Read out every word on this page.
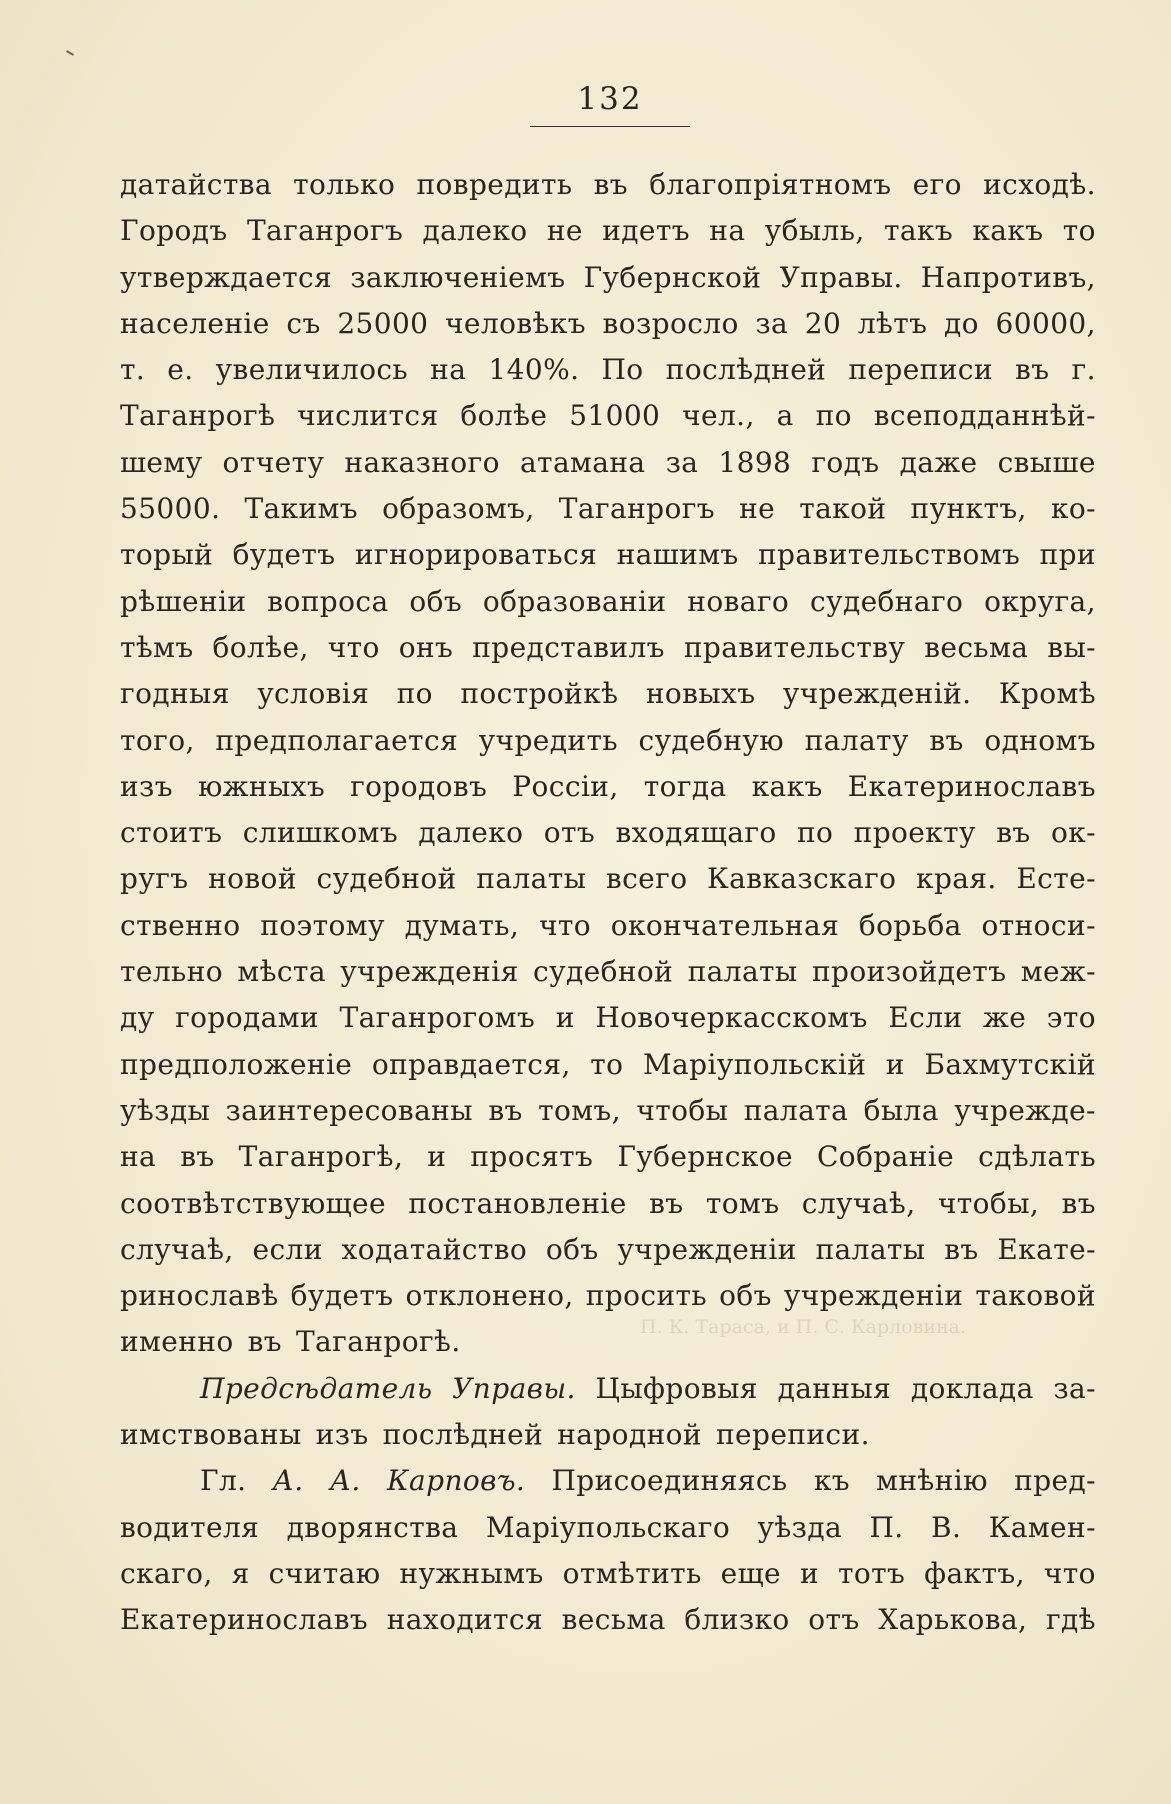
132
П. К. Тараса, и П. С. Карловина.
датайства только повредить въ благопріятномъ его исходѣ.
Городъ Таганрогъ далеко не идетъ на убыль, такъ какъ то
утверждается заключеніемъ Губернской Управы. Напротивъ,
населеніе съ 25000 человѣкъ возросло за 20 лѣтъ до 60000,
т. е. увеличилось на 140%. По послѣдней переписи въ г.
Таганрогѣ числится болѣе 51000 чел., а по всеподданнѣй-
шему отчету наказного атамана за 1898 годъ даже свыше
55000. Такимъ образомъ, Таганрогъ не такой пунктъ, ко-
торый будетъ игнорироваться нашимъ правительствомъ при
рѣшеніи вопроса объ образованіи новаго судебнаго округа,
тѣмъ болѣе, что онъ представилъ правительству весьма вы-
годныя условія по постройкѣ новыхъ учрежденій. Кромѣ
того, предполагается учредить судебную палату въ одномъ
изъ южныхъ городовъ Россіи, тогда какъ Екатеринославъ
стоитъ слишкомъ далеко отъ входящаго по проекту въ ок-
ругъ новой судебной палаты всего Кавказскаго края. Есте-
ственно поэтому думать, что окончательная борьба относи-
тельно мѣста учрежденія судебной палаты произойдетъ меж-
ду городами Таганрогомъ и Новочеркасскомъ Если же это
предположеніе оправдается, то Маріупольскій и Бахмутскій
уѣзды заинтересованы въ томъ, чтобы палата была учрежде-
на въ Таганрогѣ, и просятъ Губернское Собраніе сдѣлать
соотвѣтствующее постановленіе въ томъ случаѣ, чтобы, въ
случаѣ, если ходатайство объ учрежденіи палаты въ Екате-
ринославѣ будетъ отклонено, просить объ учрежденіи таковой
именно въ Таганрогѣ.
Предсѣдатель Управы. Цыфровыя данныя доклада за-
имствованы изъ послѣдней народной переписи.
Гл. А. А. Карповъ. Присоединяясь къ мнѣнію пред-
водителя дворянства Маріупольскаго уѣзда П. В. Камен-
скаго, я считаю нужнымъ отмѣтить еще и тотъ фактъ, что
Екатеринославъ находится весьма близко отъ Харькова, гдѣ
